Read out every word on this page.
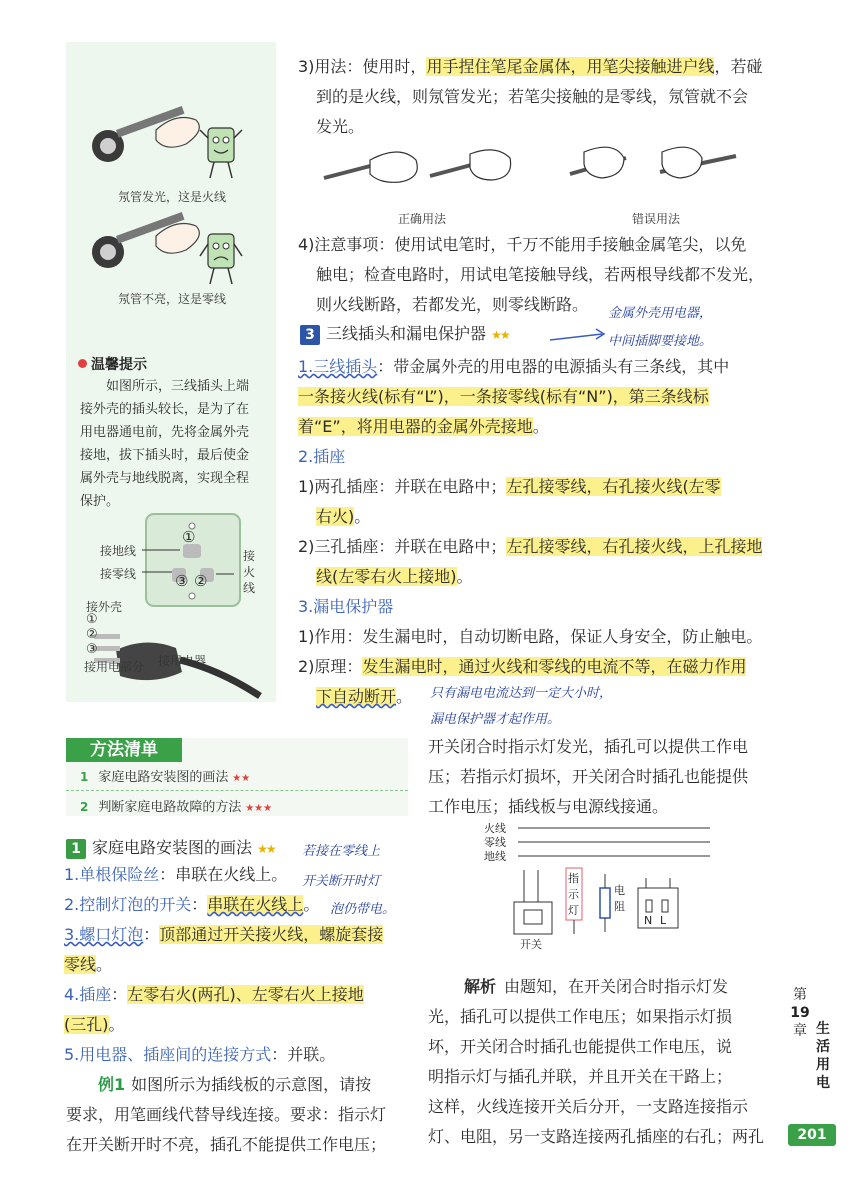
氖管发光，这是火线
氖管不亮，这是零线
温馨提示
如图所示，三线插头上端
接外壳的插头较长，是为了在
用电器通电前，先将金属外壳
接地，拔下插头时，最后使金
属外壳与地线脱离，实现全程
保护。
接地线
接零线
接火线
①
③ ②
接外壳
①
②
③
接用电部分 接用电器

3)用法：使用时，用手捏住笔尾金属体，用笔尖接触进户线，若碰

到的是火线，则氖管发光；若笔尖接触的是零线，氖管就不会

发光。

正确用法	错误用法

4)注意事项：使用试电笔时，千万不能用手接触金属笔尖，以免

触电；检查电路时，用试电笔接触导线，若两根导线都不发光，

则火线断路，若都发光，则零线断路。	金属外壳用电器，
3 三线插头和漏电保护器 ★★	中间插脚要接地。

1.三线插头：带金属外壳的用电器的电源插头有三条线，其中

一条接火线(标有“L”)，一条接零线(标有“N”)，第三条线标

着“E”，将用电器的金属外壳接地。

2.插座

1)两孔插座：并联在电路中；左孔接零线，右孔接火线(左零

右火)。

2)三孔插座：并联在电路中；左孔接零线，右孔接火线，上孔接地

线(左零右火上接地)。

3.漏电保护器

1)作用：发生漏电时，自动切断电路，保证人身安全，防止触电。

2)原理：发生漏电时，通过火线和零线的电流不等，在磁力作用

下自动断开。	只有漏电电流达到一定大小时，
漏电保护器才起作用。
方法清单
1 家庭电路安装图的画法 ★★
2 判断家庭电路故障的方法 ★★★
1 家庭电路安装图的画法 ★★ 若接在零线上

1.单根保险丝：串联在火线上。

2.控制灯泡的开关：串联在火线上。

3.螺口灯泡：顶部通过开关接火线，螺旋套接

零线。

4.插座：左零右火(两孔)、左零右火上接地

(三孔)。

5.用电器、插座间的连接方式：并联。

开关断开时灯
泡仍带电。

例1 如图所示为插线板的示意图，请按

要求，用笔画线代替导线连接。要求：指示灯

在开关断开时不亮，插孔不能提供工作电压；

开关闭合时指示灯发光，插孔可以提供工作电

压；若指示灯损坏，开关闭合时插孔也能提供

工作电压；插线板与电源线接通。

火线
零线
地线
开关
指
示
灯
电
阻
N L

解析 由题知，在开关闭合时指示灯发

光，插孔可以提供工作电压；如果指示灯损

坏，开关闭合时插孔也能提供工作电压，说

明指示灯与插孔并联，并且开关在干路上；

这样，火线连接开关后分开，一支路连接指示

灯、电阻，另一支路连接两孔插座的右孔；两孔

第
19
章 生活用电
201
